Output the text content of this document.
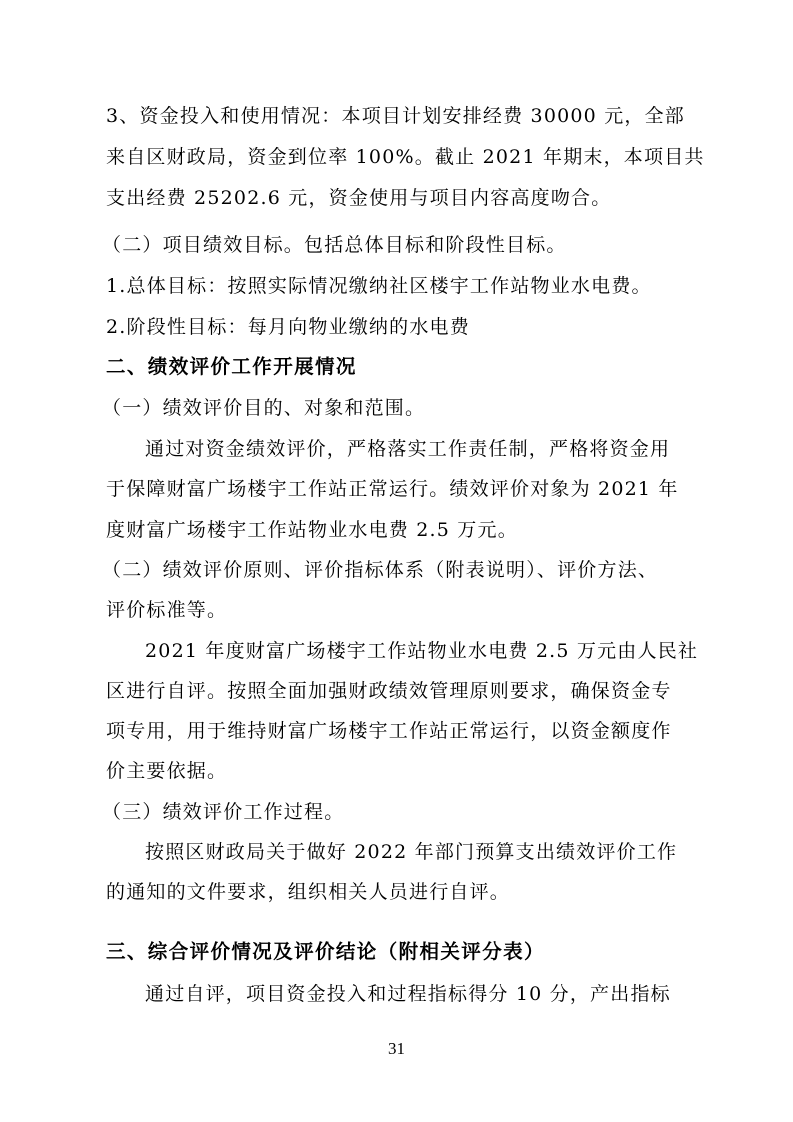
3、资金投入和使用情况：本项目计划安排经费 30000 元，全部
来自区财政局，资金到位率 100%。截止 2021 年期末，本项目共
支出经费 25202.6 元，资金使用与项目内容高度吻合。
（二）项目绩效目标。包括总体目标和阶段性目标。
1.总体目标：按照实际情况缴纳社区楼宇工作站物业水电费。
2.阶段性目标：每月向物业缴纳的水电费
二、绩效评价工作开展情况
（一）绩效评价目的、对象和范围。
通过对资金绩效评价，严格落实工作责任制，严格将资金用
于保障财富广场楼宇工作站正常运行。绩效评价对象为 2021 年
度财富广场楼宇工作站物业水电费 2.5 万元。
（二）绩效评价原则、评价指标体系（附表说明）、评价方法、
评价标准等。
2021 年度财富广场楼宇工作站物业水电费 2.5 万元由人民社
区进行自评。按照全面加强财政绩效管理原则要求，确保资金专
项专用，用于维持财富广场楼宇工作站正常运行，以资金额度作
价主要依据。
（三）绩效评价工作过程。
按照区财政局关于做好 2022 年部门预算支出绩效评价工作
的通知的文件要求，组织相关人员进行自评。
三、综合评价情况及评价结论（附相关评分表）
通过自评，项目资金投入和过程指标得分 10 分，产出指标
31
